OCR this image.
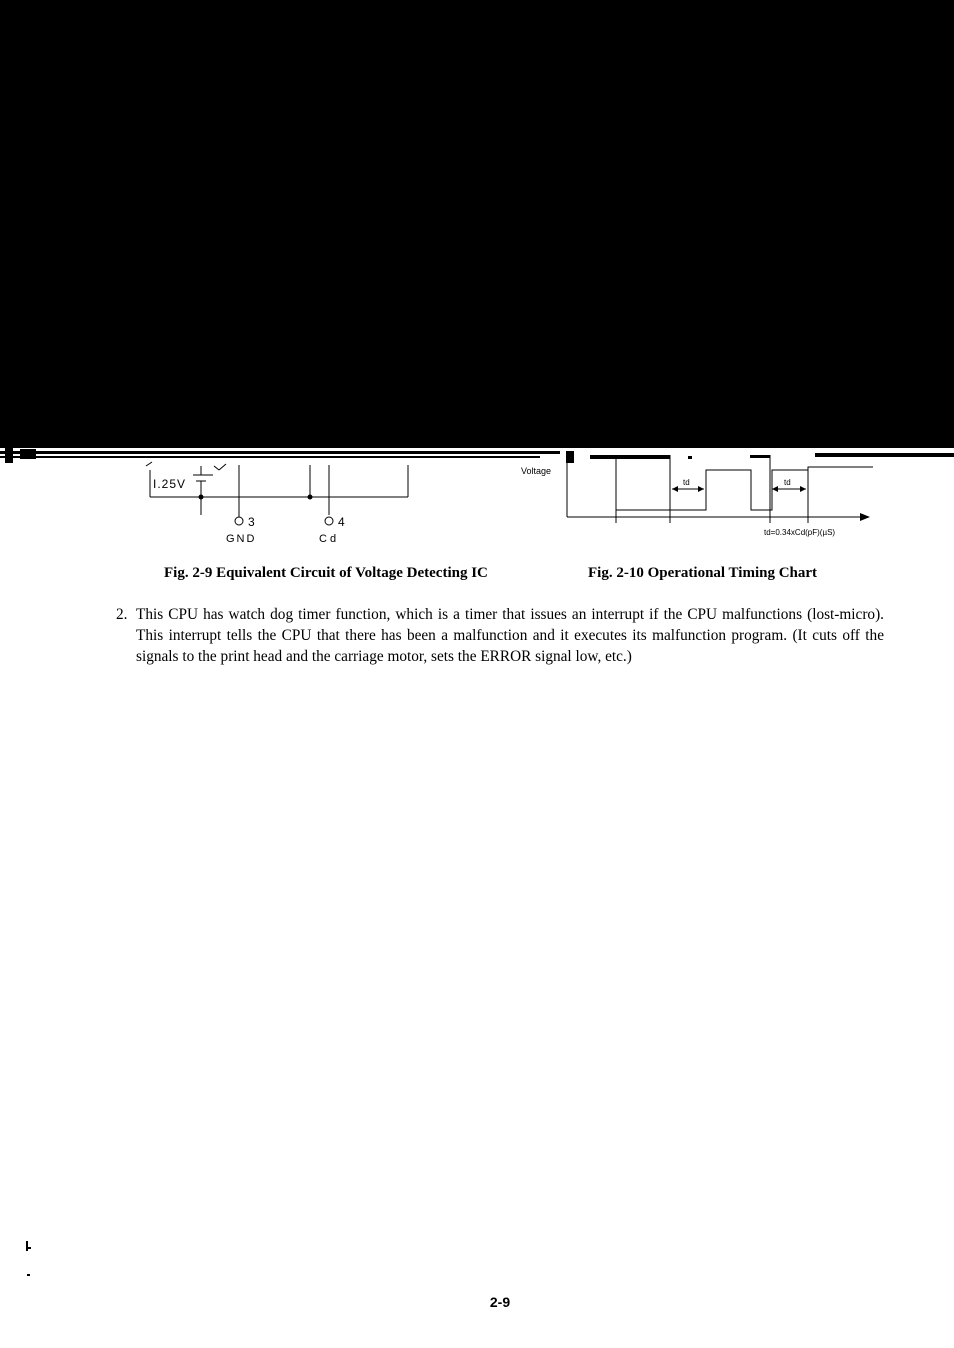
I.25V
3
GND
4
Cd
Voltage
td	td
td=0.34xCd(pF)(µS)
Fig. 2-9 Equivalent Circuit of Voltage Detecting IC	Fig. 2-10 Operational Timing Chart
2. This CPU has watch dog timer function, which is a timer that issues an interrupt if the CPU malfunctions (lost-micro). This interrupt tells the CPU that there has been a malfunction and it executes its malfunction program. (It cuts off the signals to the print head and the carriage motor, sets the ERROR signal low, etc.)
2-9
